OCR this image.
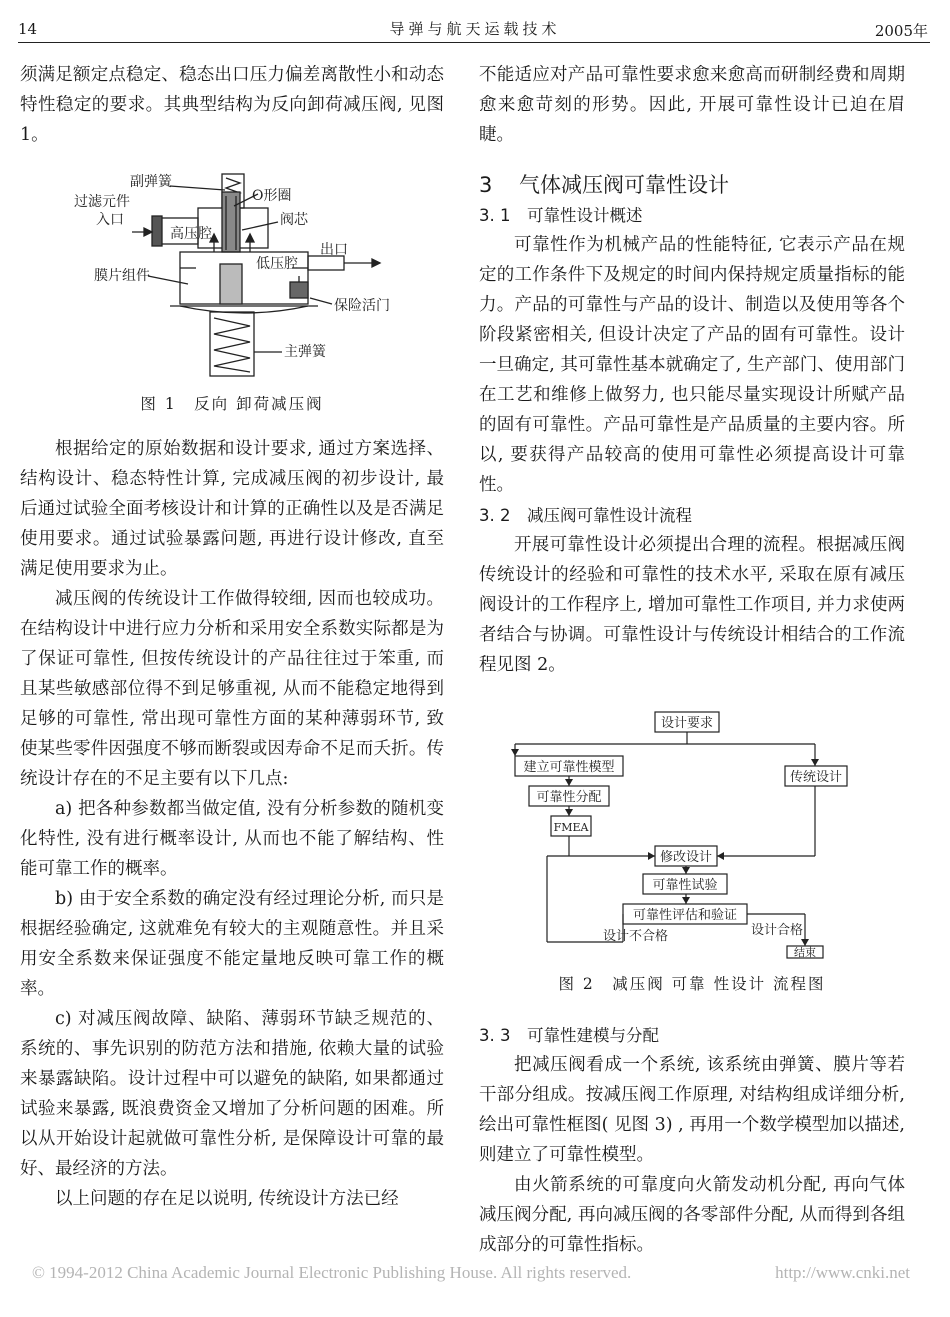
14	导弹与航天运载技术	2005年

须满足额定点稳定、稳态出口压力偏差离散性小和动态特性稳定的要求。其典型结构为反向卸荷减压阀, 见图 1。

副弹簧
O形圈
过滤元件
入口
高压腔
阀芯
低压腔
出口
膜片组件
保险活门
主弹簧
图 1　反向 卸荷减压阀

根据给定的原始数据和设计要求, 通过方案选择、结构设计、稳态特性计算, 完成减压阀的初步设计, 最后通过试验全面考核设计和计算的正确性以及是否满足使用要求。通过试验暴露问题, 再进行设计修改, 直至满足使用要求为止。

减压阀的传统设计工作做得较细, 因而也较成功。在结构设计中进行应力分析和采用安全系数实际都是为了保证可靠性, 但按传统设计的产品往往过于笨重, 而且某些敏感部位得不到足够重视, 从而不能稳定地得到足够的可靠性, 常出现可靠性方面的某种薄弱环节, 致使某些零件因强度不够而断裂或因寿命不足而夭折。传统设计存在的不足主要有以下几点:

a) 把各种参数都当做定值, 没有分析参数的随机变化特性, 没有进行概率设计, 从而也不能了解结构、性能可靠工作的概率。

b) 由于安全系数的确定没有经过理论分析, 而只是根据经验确定, 这就难免有较大的主观随意性。并且采用安全系数来保证强度不能定量地反映可靠工作的概率。

c) 对减压阀故障、缺陷、薄弱环节缺乏规范的、系统的、事先识别的防范方法和措施, 依赖大量的试验来暴露缺陷。设计过程中可以避免的缺陷, 如果都通过试验来暴露, 既浪费资金又增加了分析问题的困难。所以从开始设计起就做可靠性分析, 是保障设计可靠的最好、最经济的方法。

以上问题的存在足以说明, 传统设计方法已经

不能适应对产品可靠性要求愈来愈高而研制经费和周期愈来愈苛刻的形势。因此, 开展可靠性设计已迫在眉睫。

3 气体减压阀可靠性设计
3. 1 可靠性设计概述

可靠性作为机械产品的性能特征, 它表示产品在规定的工作条件下及规定的时间内保持规定质量指标的能力。产品的可靠性与产品的设计、制造以及使用等各个阶段紧密相关, 但设计决定了产品的固有可靠性。设计一旦确定, 其可靠性基本就确定了, 生产部门、使用部门在工艺和维修上做努力, 也只能尽量实现设计所赋产品的固有可靠性。产品可靠性是产品质量的主要内容。所以, 要获得产品较高的使用可靠性必须提高设计可靠性。

3. 2 减压阀可靠性设计流程

开展可靠性设计必须提出合理的流程。根据减压阀传统设计的经验和可靠性的技术水平, 采取在原有减压阀设计的工作程序上, 增加可靠性工作项目, 并力求使两者结合与协调。可靠性设计与传统设计相结合的工作流程见图 2。

设计要求
建立可靠性模型
可靠性分配
FMEA
传统设计
修改设计
可靠性试验
可靠性评估和验证
结束
设计合格
设计不合格
图 2　减压阀 可靠 性设计 流程图
3. 3 可靠性建模与分配

把减压阀看成一个系统, 该系统由弹簧、膜片等若干部分组成。按减压阀工作原理, 对结构组成详细分析, 绘出可靠性框图( 见图 3) , 再用一个数学模型加以描述, 则建立了可靠性模型。

由火箭系统的可靠度向火箭发动机分配, 再向气体减压阀分配, 再向减压阀的各零部件分配, 从而得到各组成部分的可靠性指标。

© 1994-2012 China Academic Journal Electronic Publishing House. All rights reserved.	http://www.cnki.net
